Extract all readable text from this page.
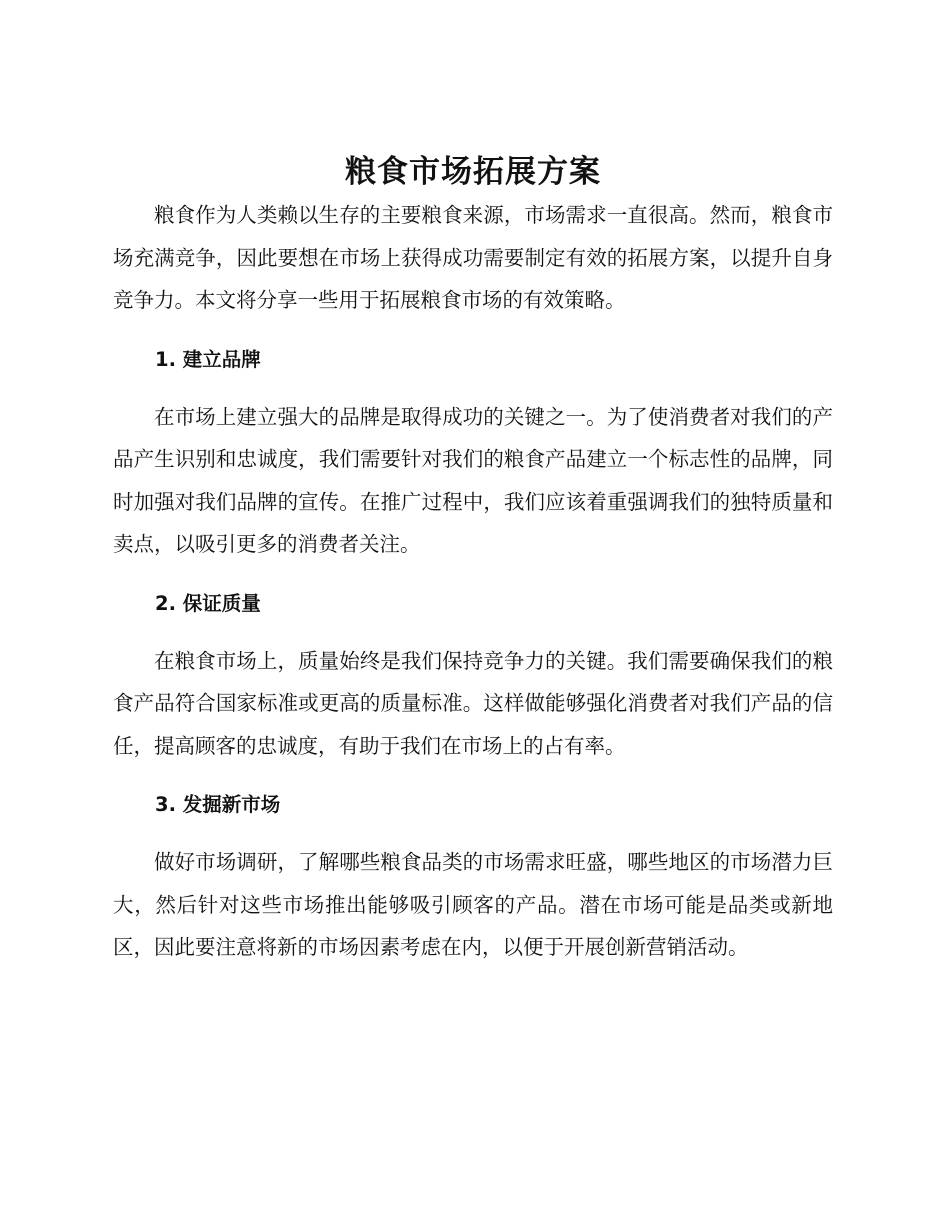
粮食市场拓展方案

粮食作为人类赖以生存的主要粮食来源，市场需求一直很高。然而，粮食市场充满竞争，因此要想在市场上获得成功需要制定有效的拓展方案，以提升自身竞争力。本文将分享一些用于拓展粮食市场的有效策略。

1. 建立品牌

在市场上建立强大的品牌是取得成功的关键之一。为了使消费者对我们的产品产生识别和忠诚度，我们需要针对我们的粮食产品建立一个标志性的品牌，同时加强对我们品牌的宣传。在推广过程中，我们应该着重强调我们的独特质量和卖点，以吸引更多的消费者关注。

2. 保证质量

在粮食市场上，质量始终是我们保持竞争力的关键。我们需要确保我们的粮食产品符合国家标准或更高的质量标准。这样做能够强化消费者对我们产品的信任，提高顾客的忠诚度，有助于我们在市场上的占有率。

3. 发掘新市场

做好市场调研，了解哪些粮食品类的市场需求旺盛，哪些地区的市场潜力巨大，然后针对这些市场推出能够吸引顾客的产品。潜在市场可能是品类或新地区，因此要注意将新的市场因素考虑在内，以便于开展创新营销活动。
